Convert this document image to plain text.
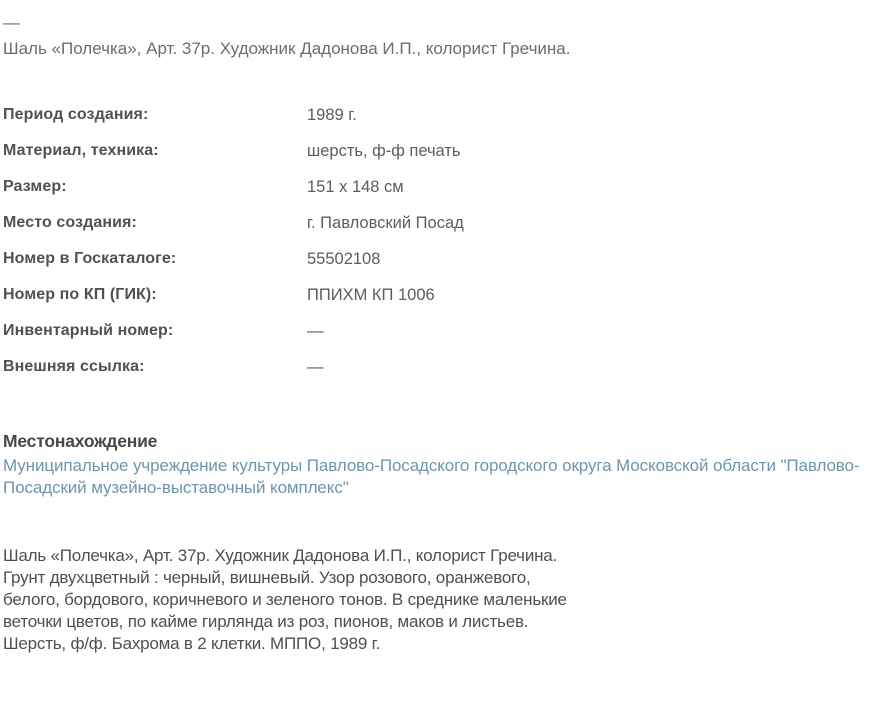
—
Шаль «Полечка», Арт. 37р. Художник Дадонова И.П., колорист Гречина.
Период создания:	1989 г.
Материал, техника:	шерсть, ф-ф печать
Размер:	151 x 148 см
Место создания:	г. Павловский Посад
Номер в Госкаталоге:	55502108
Номер по КП (ГИК):	ППИХМ КП 1006
Инвентарный номер:	—
Внешняя ссылка:	—
Местонахождение
Муниципальное учреждение культуры Павлово-Посадского городского округа Московской области "Павлово-Посадский музейно-выставочный комплекс"
Шаль «Полечка», Арт. 37р. Художник Дадонова И.П., колорист Гречина.
Грунт двухцветный : черный, вишневый. Узор розового, оранжевого,
белого, бордового, коричневого и зеленого тонов. В среднике маленькие
веточки цветов, по кайме гирлянда из роз, пионов, маков и листьев.
Шерсть, ф/ф. Бахрома в 2 клетки. МППО, 1989 г.
